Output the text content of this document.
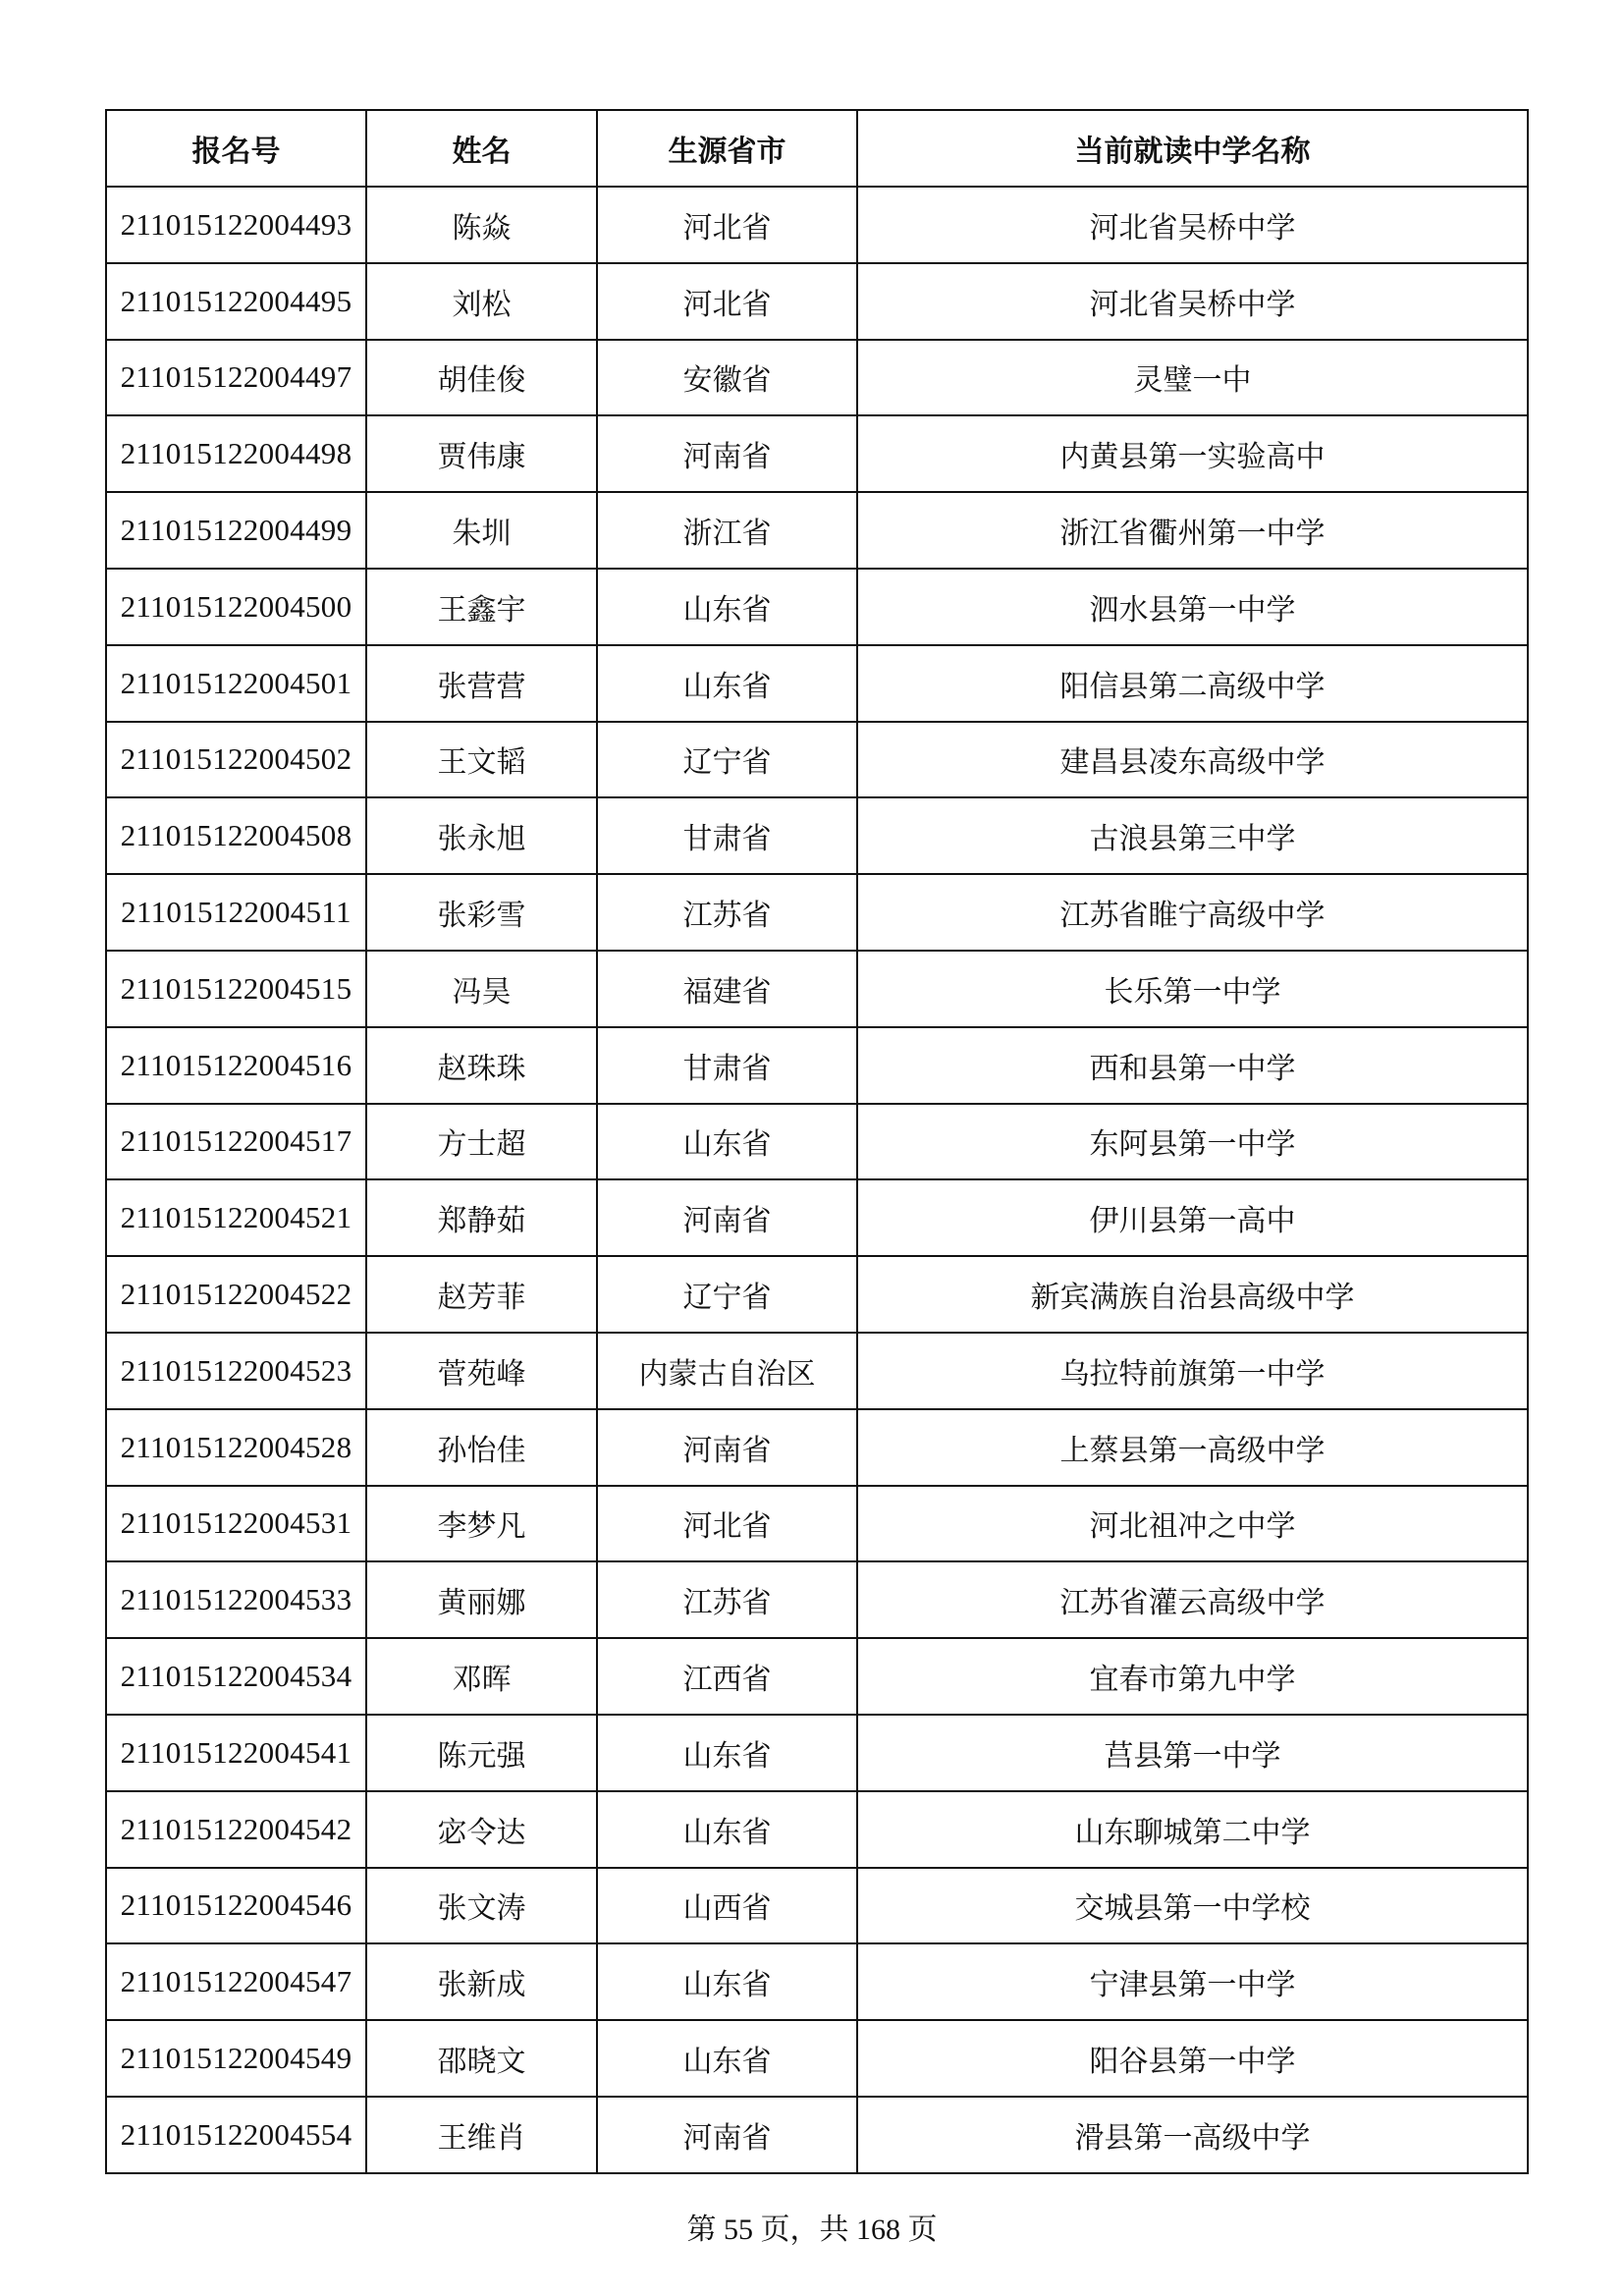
报名号	姓名	生源省市	当前就读中学名称
211015122004493	陈焱	河北省	河北省吴桥中学
211015122004495	刘松	河北省	河北省吴桥中学
211015122004497	胡佳俊	安徽省	灵璧一中
211015122004498	贾伟康	河南省	内黄县第一实验高中
211015122004499	朱圳	浙江省	浙江省衢州第一中学
211015122004500	王鑫宇	山东省	泗水县第一中学
211015122004501	张营营	山东省	阳信县第二高级中学
211015122004502	王文韬	辽宁省	建昌县凌东高级中学
211015122004508	张永旭	甘肃省	古浪县第三中学
211015122004511	张彩雪	江苏省	江苏省睢宁高级中学
211015122004515	冯昊	福建省	长乐第一中学
211015122004516	赵珠珠	甘肃省	西和县第一中学
211015122004517	方士超	山东省	东阿县第一中学
211015122004521	郑静茹	河南省	伊川县第一高中
211015122004522	赵芳菲	辽宁省	新宾满族自治县高级中学
211015122004523	菅苑峰	内蒙古自治区	乌拉特前旗第一中学
211015122004528	孙怡佳	河南省	上蔡县第一高级中学
211015122004531	李梦凡	河北省	河北祖冲之中学
211015122004533	黄丽娜	江苏省	江苏省灌云高级中学
211015122004534	邓晖	江西省	宜春市第九中学
211015122004541	陈元强	山东省	莒县第一中学
211015122004542	宓令达	山东省	山东聊城第二中学
211015122004546	张文涛	山西省	交城县第一中学校
211015122004547	张新成	山东省	宁津县第一中学
211015122004549	邵晓文	山东省	阳谷县第一中学
211015122004554	王维肖	河南省	滑县第一高级中学
第 55 页，共 168 页
